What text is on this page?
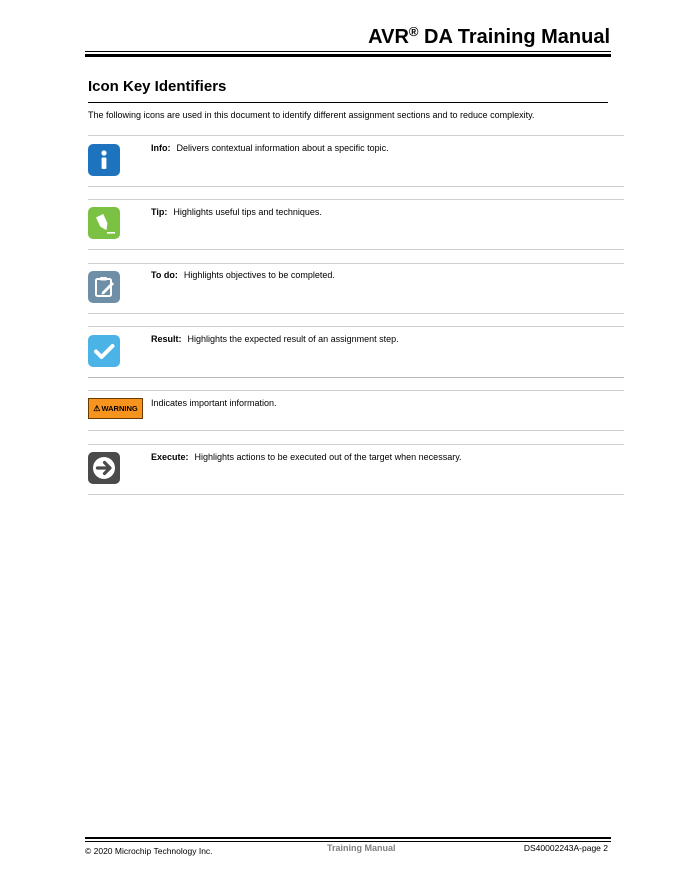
AVR® DA Training Manual
Icon Key Identifiers
The following icons are used in this document to identify different assignment sections and to reduce complexity.
Info: Delivers contextual information about a specific topic.
Tip: Highlights useful tips and techniques.
To do: Highlights objectives to be completed.
Result: Highlights the expected result of an assignment step.
⚠ WARNING
Indicates important information.
Execute: Highlights actions to be executed out of the target when necessary.
© 2020 Microchip Technology Inc.	Training Manual	DS40002243A-page 2
